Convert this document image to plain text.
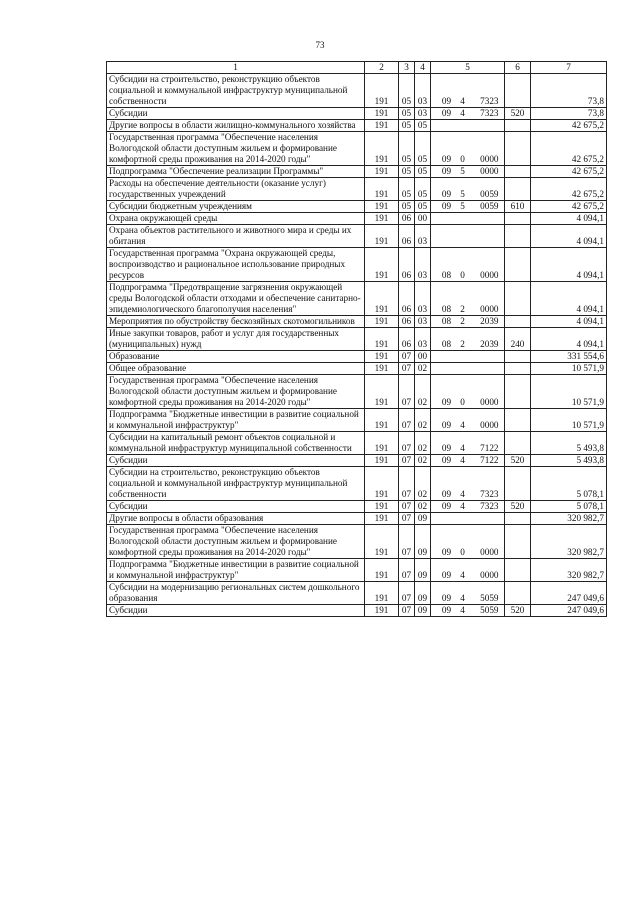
73
1	2	3	4	5	6	7
Субсидии на строительство, реконструкцию объектов социальной и коммунальной инфраструктур муниципальной собственности	191	05	03	09 4 7323		73,8
Субсидии	191	05	03	09 4 7323	520	73,8
Другие вопросы в области жилищно-коммунального хозяйства	191	05	05			42 675,2
Государственная программа "Обеспечение населения Вологодской области доступным жильем и формирование комфортной среды проживания на 2014-2020 годы"	191	05	05	09 0 0000		42 675,2
Подпрограмма "Обеспечение реализации Программы"	191	05	05	09 5 0000		42 675,2
Расходы на обеспечение деятельности (оказание услуг) государственных учреждений	191	05	05	09 5 0059		42 675,2
Субсидии бюджетным учреждениям	191	05	05	09 5 0059	610	42 675,2
Охрана окружающей среды	191	06	00			4 094,1
Охрана объектов растительного и животного мира и среды их обитания	191	06	03			4 094,1
Государственная программа "Охрана окружающей среды, воспроизводство и рациональное использование природных ресурсов	191	06	03	08 0 0000		4 094,1
Подпрограмма "Предотвращение загрязнения окружающей среды Вологодской области отходами и обеспечение санитарно-эпидемиологического благополучия населения"	191	06	03	08 2 0000		4 094,1
Мероприятия по обустройству бескозяйных скотомогильников	191	06	03	08 2 2039		4 094,1
Иные закупки товаров, работ и услуг для государственных (муниципальных) нужд	191	06	03	08 2 2039	240	4 094,1
Образование	191	07	00			331 554,6
Общее образование	191	07	02			10 571,9
Государственная программа "Обеспечение населения Вологодской области доступным жильем и формирование комфортной среды проживания на 2014-2020 годы"	191	07	02	09 0 0000		10 571,9
Подпрограмма "Бюджетные инвестиции в развитие социальной и коммунальной инфраструктур"	191	07	02	09 4 0000		10 571,9
Субсидии на капитальный ремонт объектов социальной и коммунальной инфраструктур муниципальной собственности	191	07	02	09 4 7122		5 493,8
Субсидии	191	07	02	09 4 7122	520	5 493,8
Субсидии на строительство, реконструкцию объектов социальной и коммунальной инфраструктур муниципальной собственности	191	07	02	09 4 7323		5 078,1
Субсидии	191	07	02	09 4 7323	520	5 078,1
Другие вопросы в области образования	191	07	09			320 982,7
Государственная программа "Обеспечение населения Вологодской области доступным жильем и формирование комфортной среды проживания на 2014-2020 годы"	191	07	09	09 0 0000		320 982,7
Подпрограмма "Бюджетные инвестиции в развитие социальной и коммунальной инфраструктур"	191	07	09	09 4 0000		320 982,7
Субсидии на модернизацию региональных систем дошкольного образования	191	07	09	09 4 5059		247 049,6
Субсидии	191	07	09	09 4 5059	520	247 049,6
